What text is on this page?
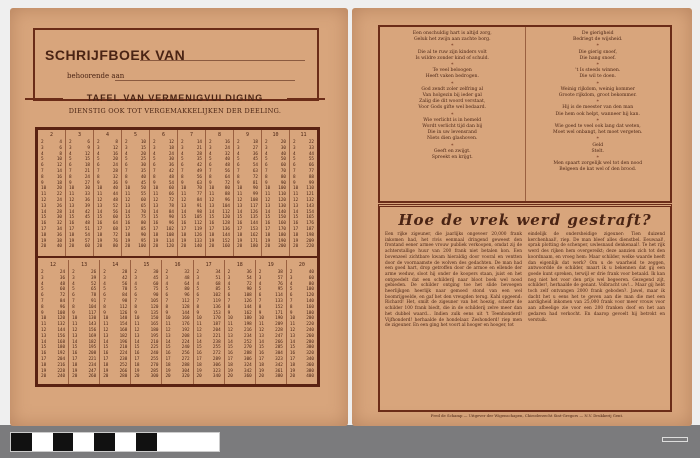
SCHRIJFBOEK VAN
behoorende aan
TAFEL VAN VERMENIGVULDIGING
DIENSTIG OOK TOT VERGEMAKKELIJKEN DER DEELING.
2
2	4
3	6
4	8
5	10
6	12
7	14
8	16
9	18
10 20
11 22
12 24
13 26
14 28
15 30
16 32
17 34
18 36
19 38
20 40
3
2	6
3	9
4	12
5	15
6	18
7	21
8	24
9	27
10 30
11 33
12 36
13 39
14 42
15 45
16 48
17 51
18 54
19 57
20 60
4
2	8
3	12
4	16
5	20
6	24
7	28
8	32
9	36
10 40
11 44
12 48
13 52
14 56
15 60
16 64
17 68
18 72
19 76
20 80
5
2	10
3	15
4	20
5	25
6	30
7	35
8	40
9	45
10 50
11 55
12 60
13 65
14 70
15 75
16 80
17 85
18 90
19 95
20 100
6
2	12
3	18
4	24
5	30
6	36
7	42
8	48
9	54
10 60
11 66
12 72
13 78
14 84
15 90
16 96
17 102
18 108
19 114
20 120
7
2	14
3	21
4	28
5	35
6	42
7	49
8	56
9	63
10 70
11 77
12 84
13 91
14 98
15 105
16 112
17 119
18 126
19 133
20 140
8
2	16
3	24
4	32
5	40
6	48
7	56
8	64
9	72
10 80
11 88
12 96
13 104
14 112
15 120
16 128
17 136
18 144
19 152
20 160
9
2	18
3	27
4	36
5	45
6	54
7	63
8	72
9	81
10 90
11 99
12 108
13 117
14 126
15 135
16 144
17 153
18 162
19 171
20 180
10
2	20
3	30
4	40
5	50
6	60
7	70
8	80
9	90
10 100
11 110
12 120
13 130
14 140
15 150
16 160
17 170
18 180
19 190
20 200
11
2	22
3	33
4	44
5	55
6	66
7	77
8	88
9	99
10 110
11 121
12 132
13 143
14 154
15 165
16 176
17 187
18 198
19 209
20 220
12
2	24
3	36
4	48
5	60
6	72
7	84
8	96
9	108
10	120
11	132
12	144
13	156
14	168
15	180
16	192
17	204
18	216
19	228
20	240
13
2	26
3	39
4	52
5	65
6	78
7	91
8	104
9	117
10	130
11	143
12	156
13	169
14	182
15	195
16	208
17	221
18	234
19	247
20	260
14
2	28
3	42
4	56
5	70
6	84
7	98
8	112
9	126
10	140
11	154
12	168
13	182
14	196
15	210
16	224
17	238
18	252
19	266
20	280
15
2	30
3	45
4	60
5	75
6	90
7	105
8	120
9	135
10	150
11	165
12	180
13	195
14	210
15	225
16	240
17	255
18	270
19	285
20	300
16
2	32
3	48
4	64
5	80
6	96
7	112
8	128
9	144
10	160
11	176
12	192
13	208
14	224
15	240
16	256
17	272
18	288
19	304
20	320
17
2	34
3	51
4	68
5	85
6	102
7	119
8	136
9	153
10	170
11	187
12	204
13	221
14	238
15	255
16	272
17	289
18	306
19	323
20	340
18
2	36
3	54
4	72
5	90
6	108
7	126
8	144
9	162
10	180
11	198
12	216
13	234
14	252
15	270
16	288
17	306
18	324
19	342
20	360
19
2	38
3	57
4	76
5	95
6	114
7	133
8	152
9	171
10	190
11	209
12	228
13	247
14	266
15	285
16	304
17	323
18	342
19	361
20	380
20
2	40
3	60
4	80
5	100
6	120
7	140
8	160
9	180
10	200
11	220
12	240
13	260
14	280
15	300
16	320
17	340
18	360
19	380
20	400
Een onschuldig hart is altijd zorg,
Geluk het zwijn aan zachte borg.
*
Die al te ruw zijn kinders volt
Is wildre zonder kind of schuld.
*
Te veel beloogen
Heeft vaken bedrogen.
*
God zendt zoler zelfring al
Van holgezin bij ieder gal
Zalig die dit woord verstaat,
Voor Gods gifte wel bedaard.
*
Wie verlicht is in hemeld
Wordt verlicht tijd dan bij
Die in uw levensrand
Niets dien glashoven.
*
Geeft en zwijgt.
Spreekt en krijgt.
De gierigheid
Bedriegt de wijsheid.
*
Die gierig snoef,
Die hang snoef.
*
't Is steeds winnen.
Die wil te doen.
*
Weinig rijkdom, weinig kommer
Groote rijkdom, groot bekommer.
*
Hij is de meester van den man
Die hem ook helpt, wanneer hij kan.
*
Wie goed te veel ook lang dat weten,
Moet wel onbangt, het moet vergeten.
*
Geld
Stelt.
*
Men spaart zorgelijk wel tot den nood
Belgeen de kat wel of den brood.
Hoe de vrek werd gestraft?
Een rijke zigeuner, die jaarlijks ongeveer 20,000 frank inkomen had, het rivis eenmaal dringend geweest den frontand eener armee vrouw publiek verkoopen, omdat zij de achterstallige huur van 200 frank niet betalen kon. Een bovenzeel zichtbare kwam hieraldig door vooral en ventten door de voornaamste de wolven des gedachten. De man had een goed hart, drop getroffen door de armoe en ellende der arme weduw, sloot hij onder de koopers staan, juist en het ontgoedelt dat een schilderij naar bloot boek wel nood gebieden. De schilder ontging toe het slide bevoegen heerlijkgen heerlijk naar gemoed stond van een wel boomrijgeelde, en gaf het den vreugden terug. Kahl opgeend: Richard! Het, smilt de zigeuner van het hoezig, schatte de schilder 100 frank biedt, die in de schilderij zelve meer dan het dubbel waard... Indien zulk eens uit 't Teenhonderd! Vijfhonderd! herhaalde de hondelaar. Zeshonderd! riep men de zigeuner. En een ging het voort al hooger en hooger, tot
eindelijk de ondersheidige zigeuner: Tien duizend kerchenhaal!, riep. De man bleef alles dienstbel. Eeuwaal!, sprak plotting de schenper, uwlesnaud denkenaal!. Te het rijk werd des rijken hem overgereikt; deze aanzien zich tot den koordnaam, en vroeg hem: Maar schilder, welke waarde heeft dan eigenlijk dat werk? Om u de waarheid te zeggen, antwoordde de schilder, maart ik u bekennen dat gij een goede kunt spreken, terwijl er drie frank voor betaald. Ik kan nog niet het voor den prijs wel begeeren. Gezegend zijt, schilder!, herhaalde de genant. Volbracht uw!... Maar gij hebt toch zelf ontvangen 2000 frank geboden?. Jawel, maar ik dacht het u eens het te geven aan die man die met een aardigheid inkomen van 25,000 frank voor meer vrouw voor aan afbeelige zie voor een 200 franken doof en het aan gedaren had verkocht. En daarop gevoelt hij betrokt en verstuik.
Fred de Schamp — Uitgever der Wigenschapen, Chiroderzecht Sint-Gregors — N.V. Drukkerij Gent.
